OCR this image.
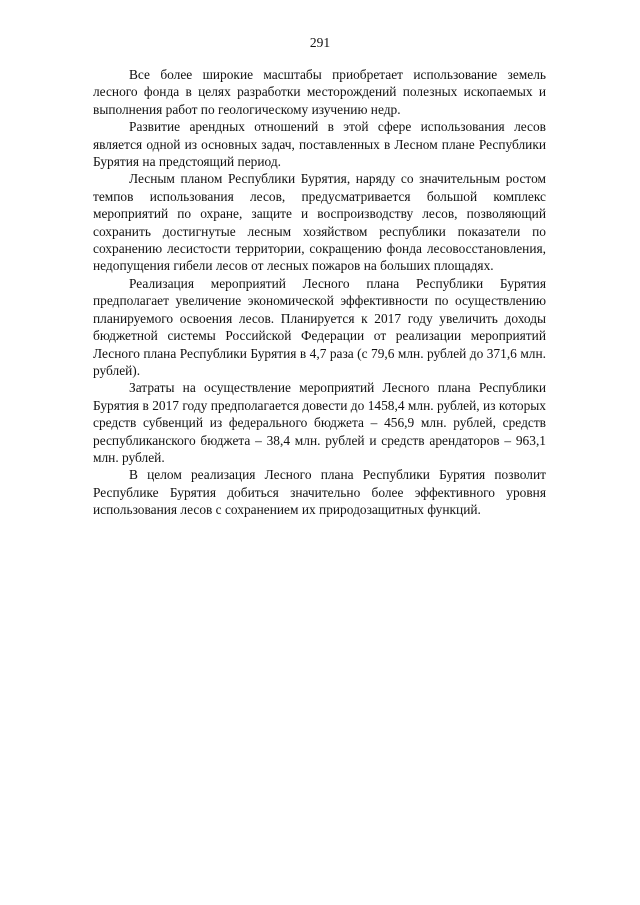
291

Все более широкие масштабы приобретает использование земель лесного фонда в целях разработки месторождений полезных ископаемых и выполнения работ по геологическому изучению недр.

Развитие арендных отношений в этой сфере использования лесов является одной из основных задач, поставленных в Лесном плане Республики Бурятия на предстоящий период.

Лесным планом Республики Бурятия, наряду со значительным ростом темпов использования лесов, предусматривается большой комплекс мероприятий по охране, защите и воспроизводству лесов, позволяющий сохранить достигнутые лесным хозяйством республики показатели по сохранению лесистости территории, сокращению фонда лесовосстановления, недопущения гибели лесов от лесных пожаров на больших площадях.

Реализация мероприятий Лесного плана Республики Бурятия предполагает увеличение экономической эффективности по осуществлению планируемого освоения лесов. Планируется к 2017 году увеличить доходы бюджетной системы Российской Федерации от реализации мероприятий Лесного плана Республики Бурятия в 4,7 раза (с 79,6 млн. рублей до 371,6 млн. рублей).

Затраты на осуществление мероприятий Лесного плана Республики Бурятия в 2017 году предполагается довести до 1458,4 млн. рублей, из которых средств субвенций из федерального бюджета – 456,9 млн. рублей, средств республиканского бюджета – 38,4 млн. рублей и средств арендаторов – 963,1 млн. рублей.

В целом реализация Лесного плана Республики Бурятия позволит Республике Бурятия добиться значительно более эффективного уровня использования лесов с сохранением их природозащитных функций.
